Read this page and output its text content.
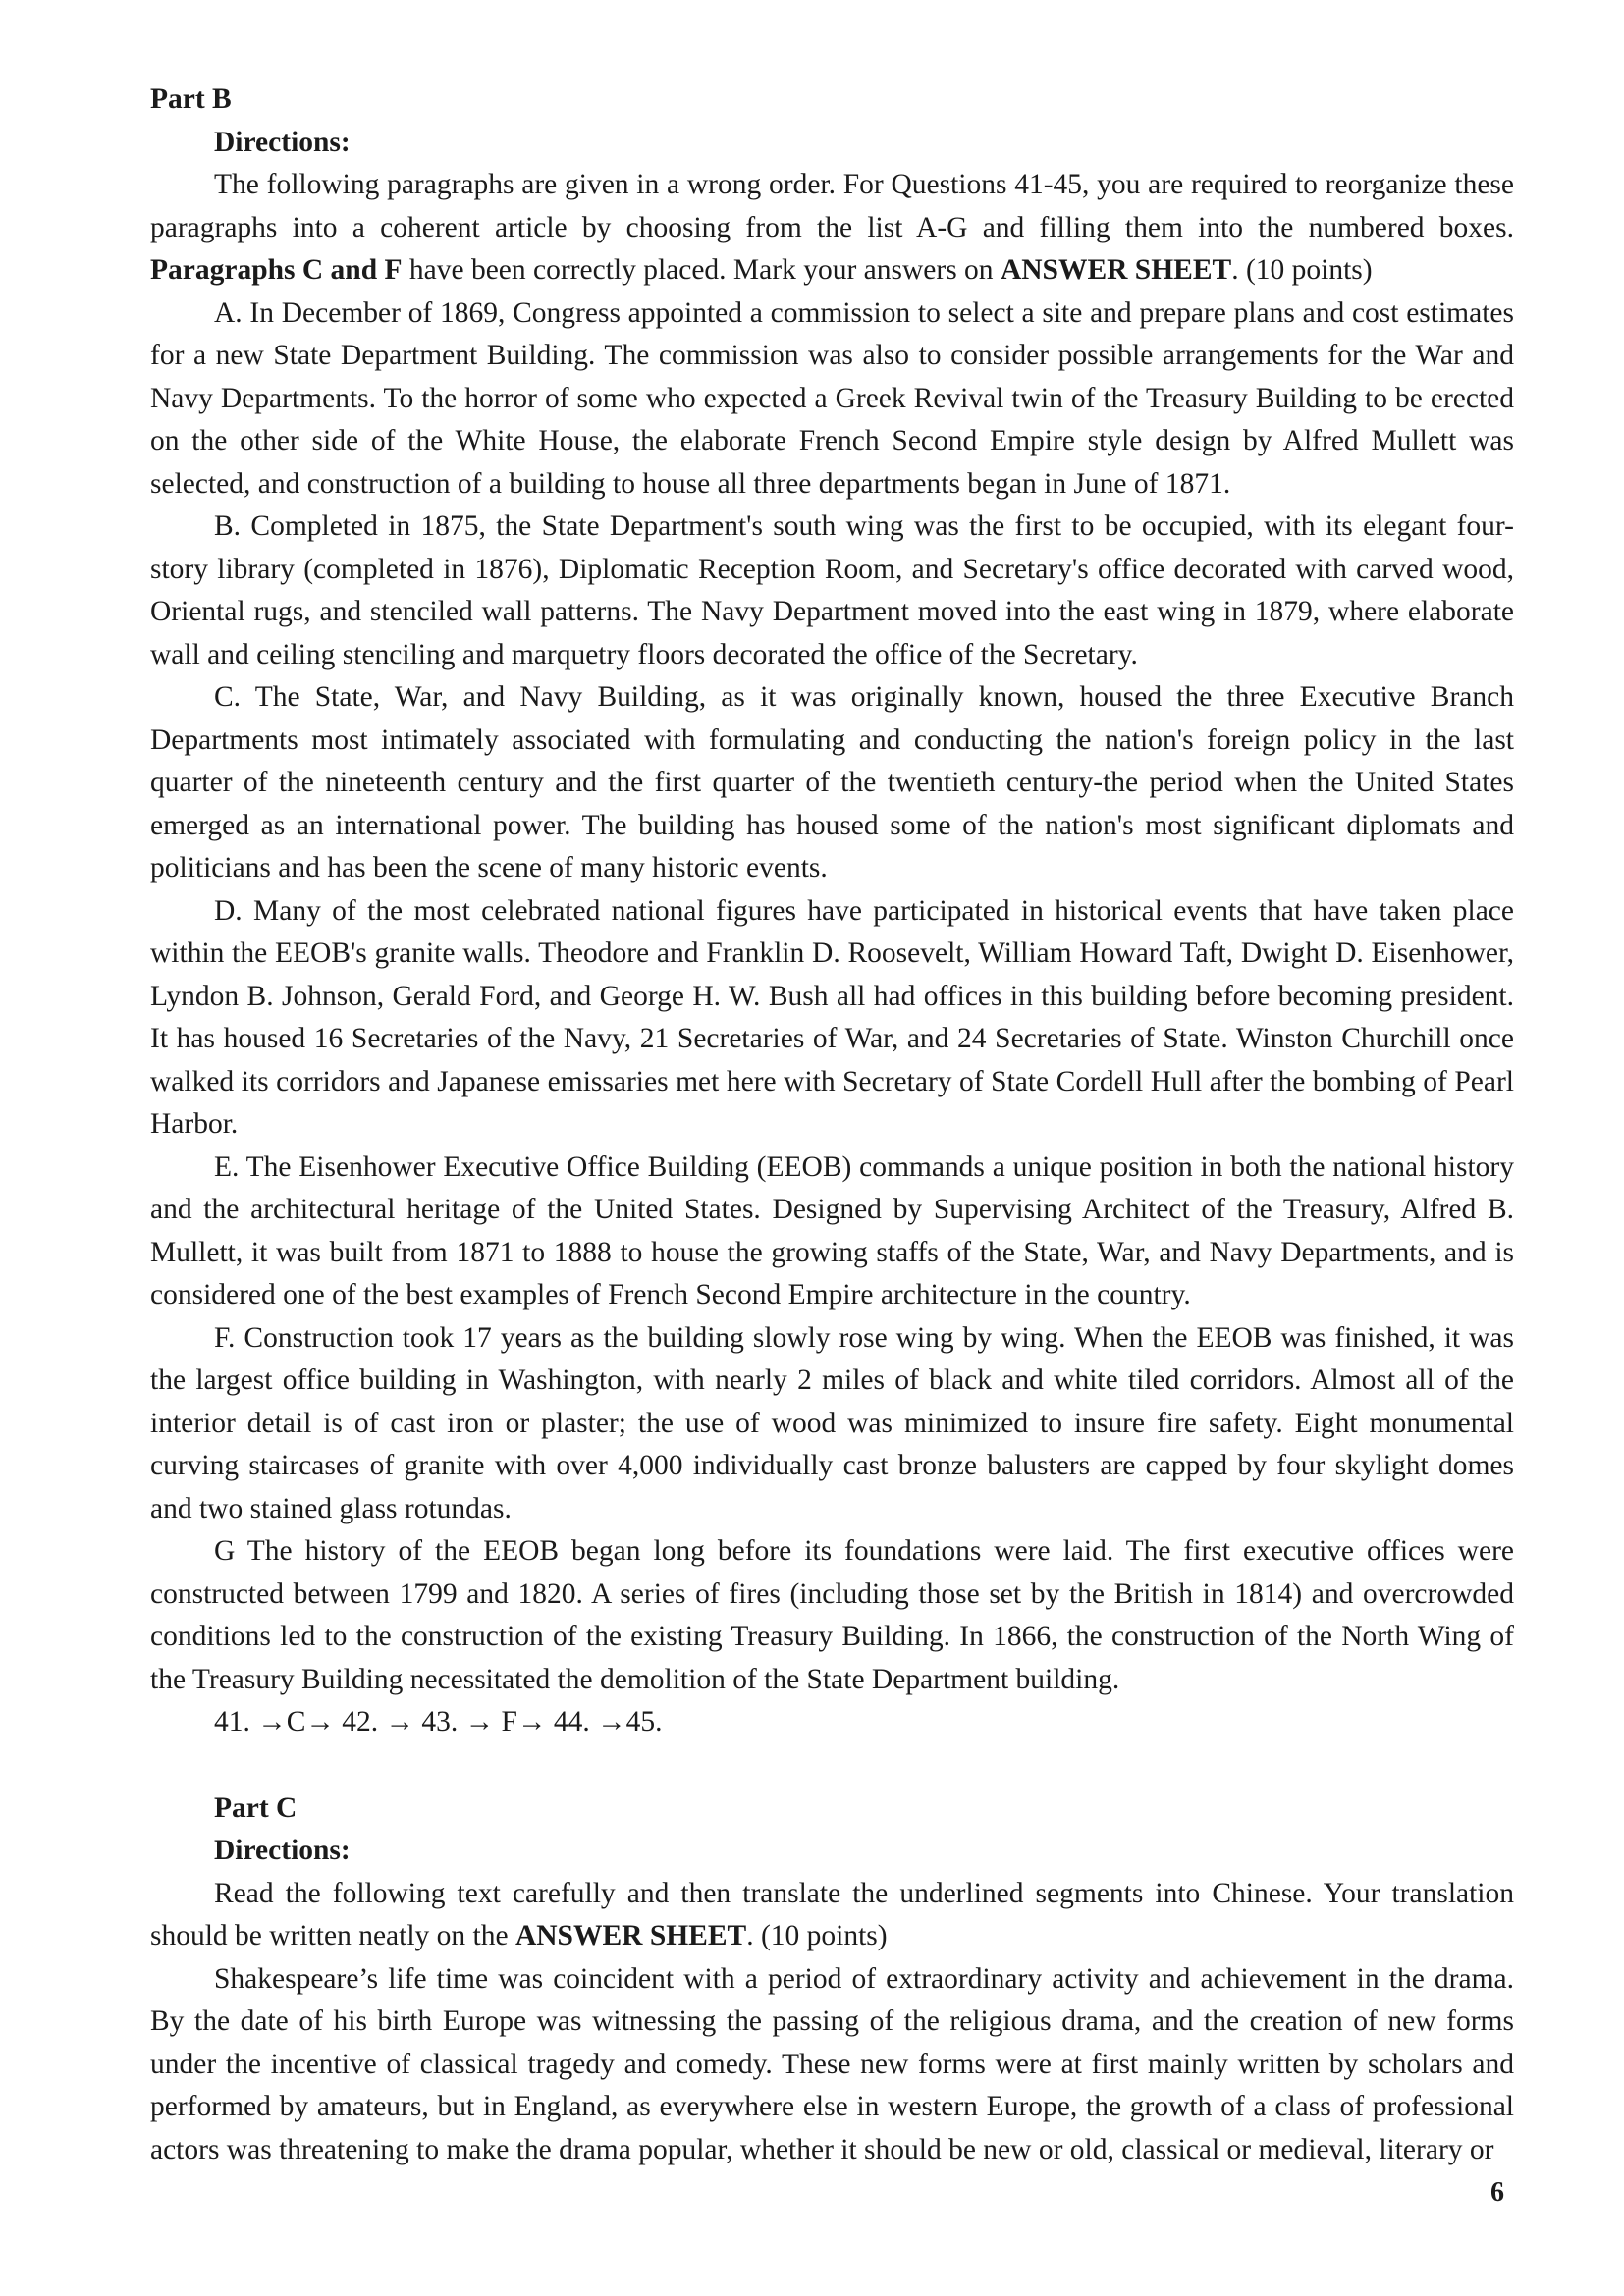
Part B
Directions:

The following paragraphs are given in a wrong order. For Questions 41-45, you are required to reorganize these paragraphs into a coherent article by choosing from the list A-G and filling them into the numbered boxes. Paragraphs C and F have been correctly placed. Mark your answers on ANSWER SHEET. (10 points)

A. In December of 1869, Congress appointed a commission to select a site and prepare plans and cost estimates for a new State Department Building. The commission was also to consider possible arrangements for the War and Navy Departments. To the horror of some who expected a Greek Revival twin of the Treasury Building to be erected on the other side of the White House, the elaborate French Second Empire style design by Alfred Mullett was selected, and construction of a building to house all three departments began in June of 1871.

B. Completed in 1875, the State Department's south wing was the first to be occupied, with its elegant four-story library (completed in 1876), Diplomatic Reception Room, and Secretary's office decorated with carved wood, Oriental rugs, and stenciled wall patterns. The Navy Department moved into the east wing in 1879, where elaborate wall and ceiling stenciling and marquetry floors decorated the office of the Secretary.

C. The State, War, and Navy Building, as it was originally known, housed the three Executive Branch Departments most intimately associated with formulating and conducting the nation's foreign policy in the last quarter of the nineteenth century and the first quarter of the twentieth century-the period when the United States emerged as an international power. The building has housed some of the nation's most significant diplomats and politicians and has been the scene of many historic events.

D. Many of the most celebrated national figures have participated in historical events that have taken place within the EEOB's granite walls. Theodore and Franklin D. Roosevelt, William Howard Taft, Dwight D. Eisenhower, Lyndon B. Johnson, Gerald Ford, and George H. W. Bush all had offices in this building before becoming president. It has housed 16 Secretaries of the Navy, 21 Secretaries of War, and 24 Secretaries of State. Winston Churchill once walked its corridors and Japanese emissaries met here with Secretary of State Cordell Hull after the bombing of Pearl Harbor.

E. The Eisenhower Executive Office Building (EEOB) commands a unique position in both the national history and the architectural heritage of the United States. Designed by Supervising Architect of the Treasury, Alfred B. Mullett, it was built from 1871 to 1888 to house the growing staffs of the State, War, and Navy Departments, and is considered one of the best examples of French Second Empire architecture in the country.

F. Construction took 17 years as the building slowly rose wing by wing. When the EEOB was finished, it was the largest office building in Washington, with nearly 2 miles of black and white tiled corridors. Almost all of the interior detail is of cast iron or plaster; the use of wood was minimized to insure fire safety. Eight monumental curving staircases of granite with over 4,000 individually cast bronze balusters are capped by four skylight domes and two stained glass rotundas.

G The history of the EEOB began long before its foundations were laid. The first executive offices were constructed between 1799 and 1820. A series of fires (including those set by the British in 1814) and overcrowded conditions led to the construction of the existing Treasury Building. In 1866, the construction of the North Wing of the Treasury Building necessitated the demolition of the State Department building.

41. →C→ 42. → 43. → F→ 44. →45.

Part C
Directions:

Read the following text carefully and then translate the underlined segments into Chinese. Your translation should be written neatly on the ANSWER SHEET. (10 points)

Shakespeare’s life time was coincident with a period of extraordinary activity and achievement in the drama. By the date of his birth Europe was witnessing the passing of the religious drama, and the creation of new forms under the incentive of classical tragedy and comedy. These new forms were at first mainly written by scholars and performed by amateurs, but in England, as everywhere else in western Europe, the growth of a class of professional actors was threatening to make the drama popular, whether it should be new or old, classical or medieval, literary or

6
